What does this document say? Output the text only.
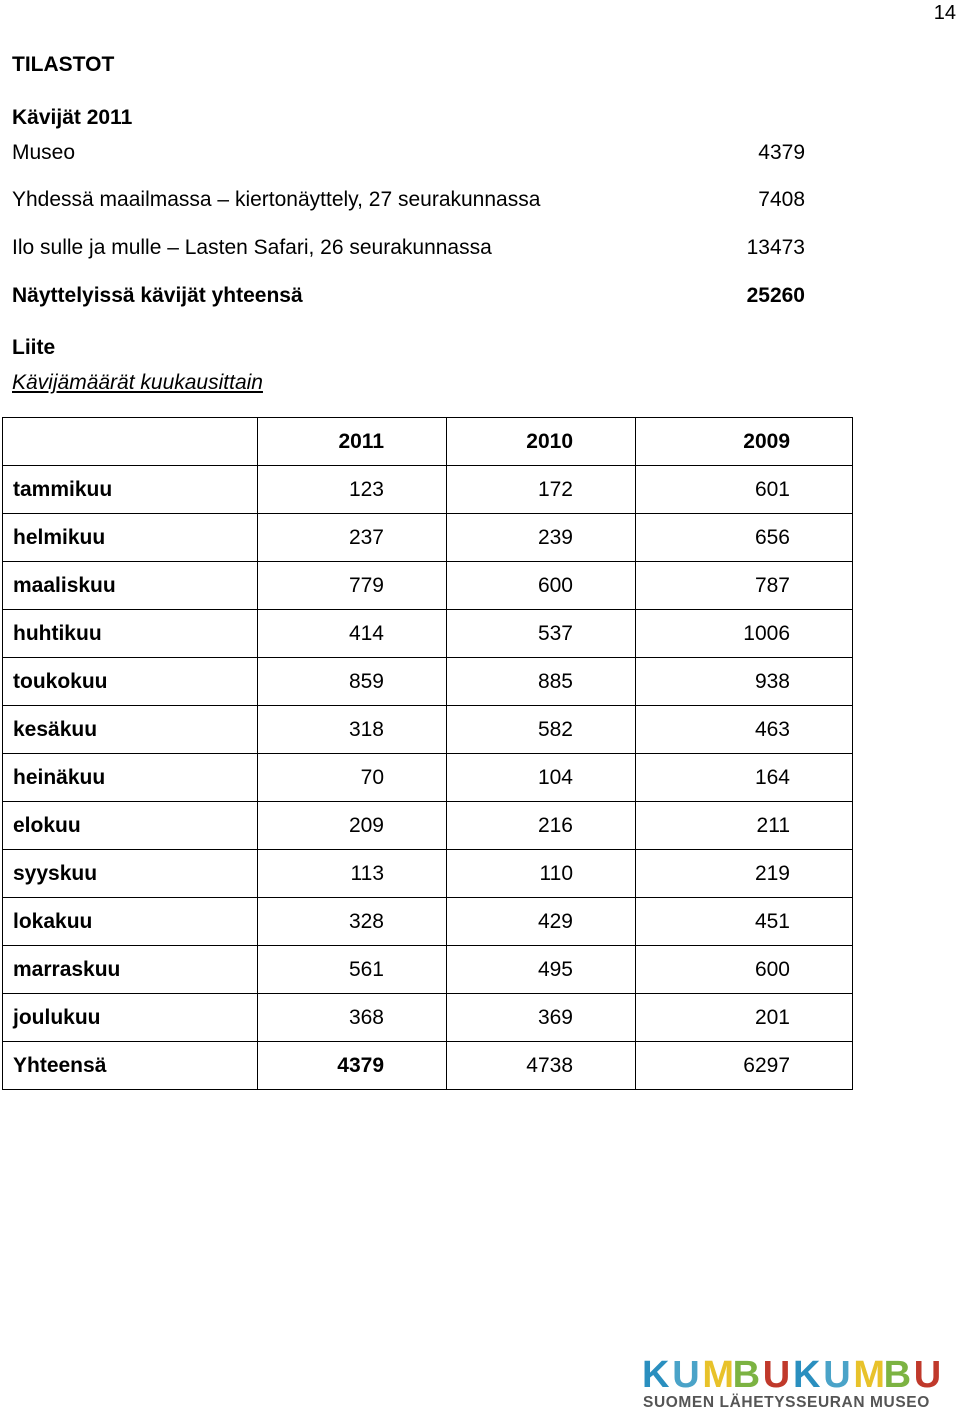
14
TILASTOT
Kävijät 2011
Museo	4379
Yhdessä maailmassa – kiertonäyttely, 27 seurakunnassa	7408
Ilo sulle ja mulle – Lasten Safari, 26 seurakunnassa	13473
Näyttelyissä kävijät yhteensä	25260
Liite
Kävijämäärät kuukausittain
	2011	2010	2009
tammikuu	123	172	601
helmikuu	237	239	656
maaliskuu	779	600	787
huhtikuu	414	537	1006
toukokuu	859	885	938
kesäkuu	318	582	463
heinäkuu	70	104	164
elokuu	209	216	211
syyskuu	113	110	219
lokakuu	328	429	451
marraskuu	561	495	600
joulukuu	368	369	201
Yhteensä	4379	4738	6297
K U M
B U K U M
B U
SUOMEN LÄHETYSSEURAN MUSEO
